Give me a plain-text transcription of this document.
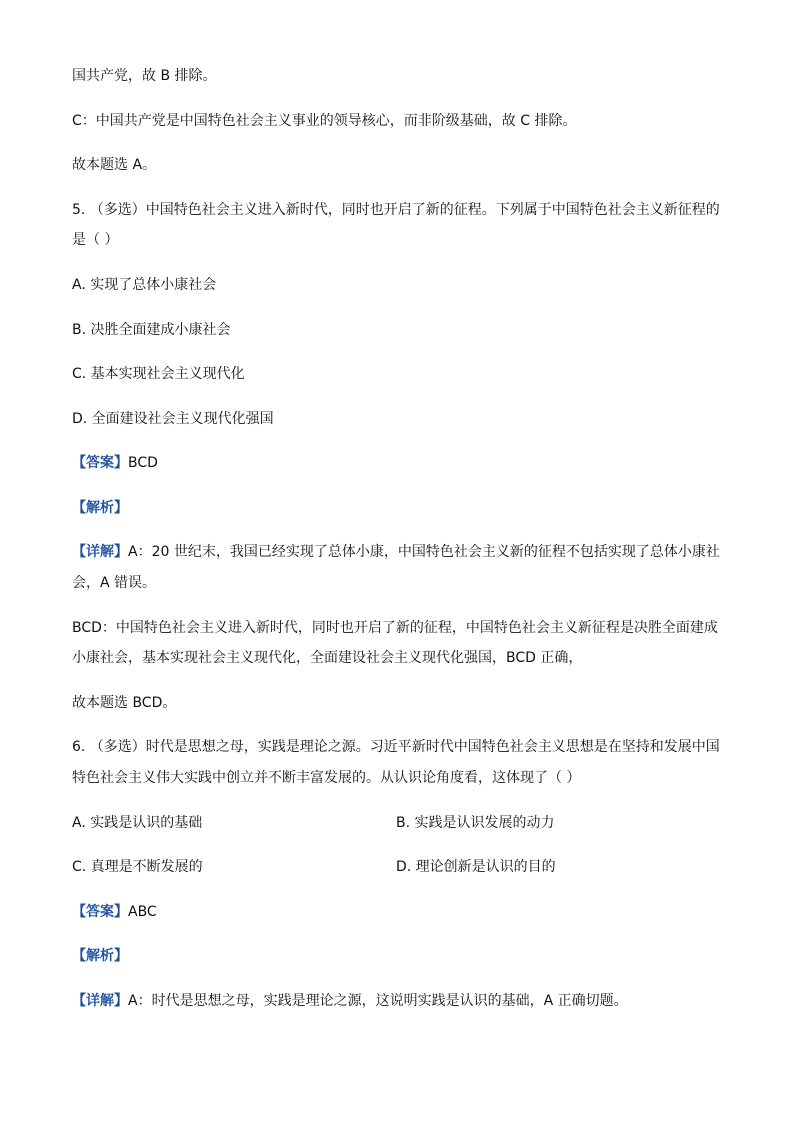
国共产党，故 B 排除。
C：中国共产党是中国特色社会主义事业的领导核心，而非阶级基础，故 C 排除。
故本题选 A。
5. （多选）中国特色社会主义进入新时代，同时也开启了新的征程。下列属于中国特色社会主义新征程的
是（ ）
A. 实现了总体小康社会
B. 决胜全面建成小康社会
C. 基本实现社会主义现代化
D. 全面建设社会主义现代化强国
【答案】BCD
【解析】
【详解】A：20 世纪末，我国已经实现了总体小康，中国特色社会主义新的征程不包括实现了总体小康社
会，A 错误。
BCD：中国特色社会主义进入新时代，同时也开启了新的征程，中国特色社会主义新征程是决胜全面建成
小康社会，基本实现社会主义现代化，全面建设社会主义现代化强国，BCD 正确，
故本题选 BCD。
6. （多选）时代是思想之母，实践是理论之源。习近平新时代中国特色社会主义思想是在坚持和发展中国
特色社会主义伟大实践中创立并不断丰富发展的。从认识论角度看，这体现了（ ）
A. 实践是认识的基础	B. 实践是认识发展的动力
C. 真理是不断发展的	D. 理论创新是认识的目的
【答案】ABC
【解析】
【详解】A：时代是思想之母，实践是理论之源，这说明实践是认识的基础，A 正确切题。
